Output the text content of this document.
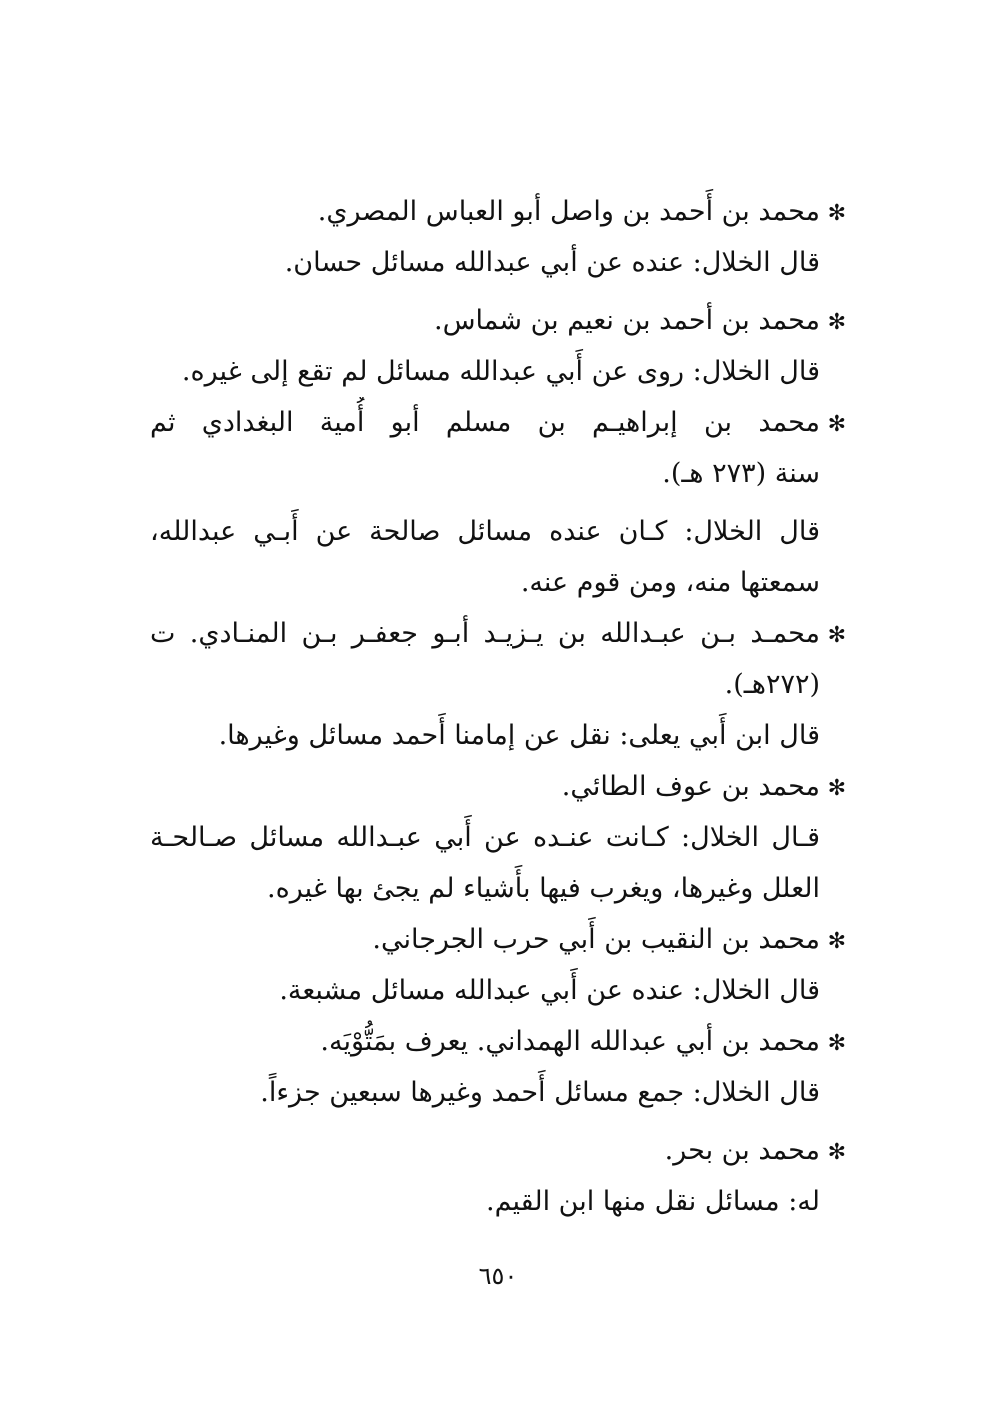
✻محمد بن أَحمد بن واصل أبو العباس المصري.
قال الخلال: عنده عن أبي عبدالله مسائل حسان.
✻محمد بن أحمد بن نعيم بن شماس.
قال الخلال: روى عن أَبي عبدالله مسائل لم تقع إلى غيره.
✻محمد بن إبراهيـم بن مسلم أبو أُمية البغدادي ثم
سنة (٢٧٣ هـ).
قال الخلال: كـان عنده مسائل صالحة عن أَبـي عبدالله،
سمعتها منه، ومن قوم عنه.
✻محمـد بـن عبـدالله بن يـزيـد أبـو جعفـر بـن المنـادي. ت
(٢٧٢هـ).
قال ابن أَبي يعلى: نقل عن إمامنا أَحمد مسائل وغيرها.
✻محمد بن عوف الطائي.
قـال الخلال: كـانت عنـده عن أَبي عبـدالله مسائل صـالحـة
العلل وغيرها، ويغرب فيها بأَشياء لم يجئ بها غيره.
✻محمد بن النقيب بن أَبي حرب الجرجاني.
قال الخلال: عنده عن أَبي عبدالله مسائل مشبعة.
✻محمد بن أبي عبدالله الهمداني. يعرف بمَتُّوْيَه.
قال الخلال: جمع مسائل أَحمد وغيرها سبعين جزءاً.
✻محمد بن بحر.
له: مسائل نقل منها ابن القيم.
٦٥٠
